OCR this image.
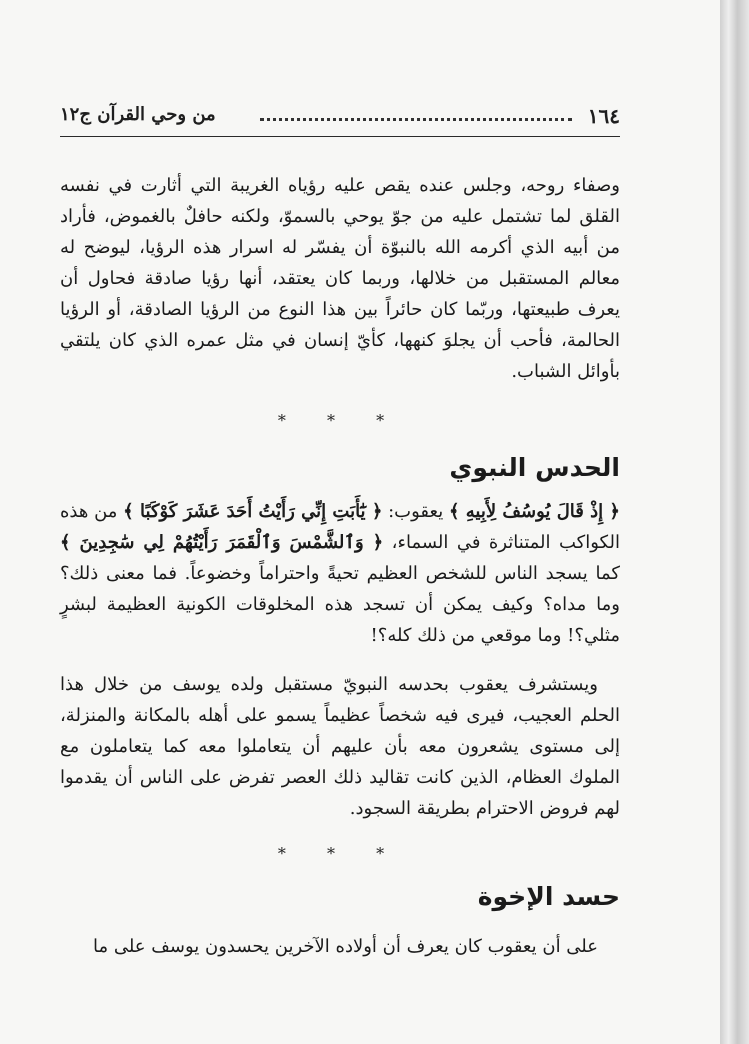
١٦٤
من وحي القرآن ج١٢

وصفاء روحه، وجلس عنده يقص عليه رؤياه الغريبة التي أثارت في نفسه القلق لما تشتمل عليه من جوّ يوحي بالسموّ، ولكنه حافلٌ بالغموض، فأراد من أبيه الذي أكرمه الله بالنبوّة أن يفسّر له اسرار هذه الرؤيا، ليوضح له معالم المستقبل من خلالها، وربما كان يعتقد، أنها رؤيا صادقة فحاول أن يعرف طبيعتها، وربّما كان حائراً بين هذا النوع من الرؤيا الصادقة، أو الرؤيا الحالمة، فأحب أن يجلوَ كنهها، كأيّ إنسان في مثل عمره الذي كان يلتقي بأوائل الشباب.

* * *
الحدس النبوي

﴿ إِذْ قَالَ يُوسُفُ لِأَبِيهِ ﴾ يعقوب: ﴿ يَٰٓأَبَتِ إِنِّي رَأَيْتُ أَحَدَ عَشَرَ كَوْكَبًا ﴾ من هذه الكواكب المتناثرة في السماء، ﴿ وَٱلشَّمْسَ وَٱلْقَمَرَ رَأَيْتُهُمْ لِي سَٰجِدِينَ ﴾ كما يسجد الناس للشخص العظيم تحيةً واحتراماً وخضوعاً. فما معنى ذلك؟ وما مداه؟ وكيف يمكن أن تسجد هذه المخلوقات الكونية العظيمة لبشرٍ مثلي؟! وما موقعي من ذلك كله؟!

ويستشرف يعقوب بحدسه النبويّ مستقبل ولده يوسف من خلال هذا الحلم العجيب، فيرى فيه شخصاً عظيماً يسمو على أهله بالمكانة والمنزلة، إلى مستوى يشعرون معه بأن عليهم أن يتعاملوا معه كما يتعاملون مع الملوك العظام، الذين كانت تقاليد ذلك العصر تفرض على الناس أن يقدموا لهم فروض الاحترام بطريقة السجود.

* * *
حسد الإخوة

على أن يعقوب كان يعرف أن أولاده الآخرين يحسدون يوسف على ما
